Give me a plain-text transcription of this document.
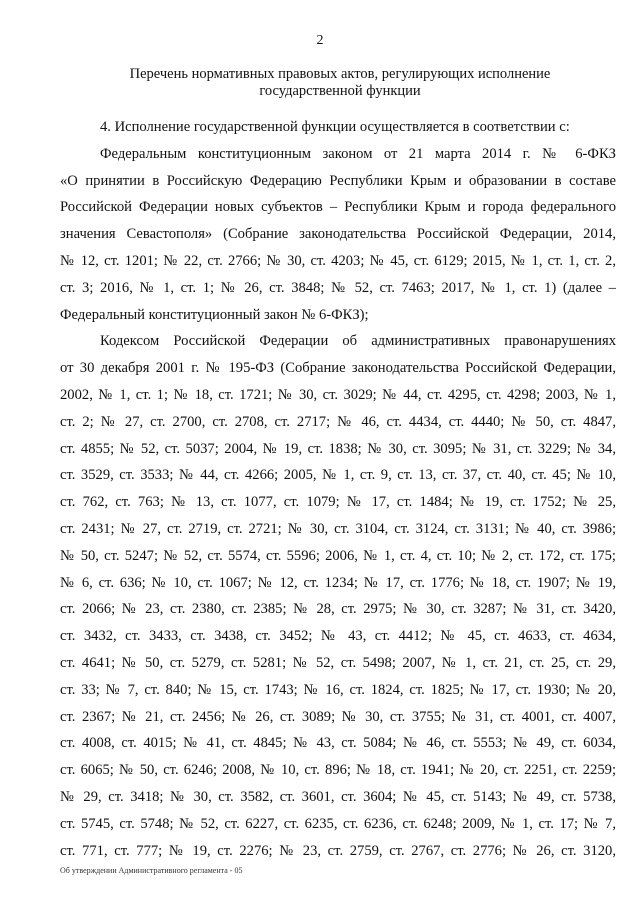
2
Перечень нормативных правовых актов, регулирующих исполнение
государственной функции
4. Исполнение государственной функции осуществляется в соответствии с:
Федеральным конституционным законом от 21 марта 2014 г. № 6-ФКЗ
«О принятии в Российскую Федерацию Республики Крым и образовании в составе
Российской Федерации новых субъектов – Республики Крым и города федерального
значения Севастополя» (Собрание законодательства Российской Федерации, 2014,
№ 12, ст. 1201; № 22, ст. 2766; № 30, ст. 4203; № 45, ст. 6129; 2015, № 1, ст. 1, ст. 2,
ст. 3; 2016, № 1, ст. 1; № 26, ст. 3848; № 52, ст. 7463; 2017, № 1, ст. 1) (далее –
Федеральный конституционный закон № 6-ФКЗ);
Кодексом Российской Федерации об административных правонарушениях
от 30 декабря 2001 г. № 195-ФЗ (Собрание законодательства Российской Федерации,
2002, № 1, ст. 1; № 18, ст. 1721; № 30, ст. 3029; № 44, ст. 4295, ст. 4298; 2003, № 1,
ст. 2; № 27, ст. 2700, ст. 2708, ст. 2717; № 46, ст. 4434, ст. 4440; № 50, ст. 4847,
ст. 4855; № 52, ст. 5037; 2004, № 19, ст. 1838; № 30, ст. 3095; № 31, ст. 3229; № 34,
ст. 3529, ст. 3533; № 44, ст. 4266; 2005, № 1, ст. 9, ст. 13, ст. 37, ст. 40, ст. 45; № 10,
ст. 762, ст. 763; № 13, ст. 1077, ст. 1079; № 17, ст. 1484; № 19, ст. 1752; № 25,
ст. 2431; № 27, ст. 2719, ст. 2721; № 30, ст. 3104, ст. 3124, ст. 3131; № 40, ст. 3986;
№ 50, ст. 5247; № 52, ст. 5574, ст. 5596; 2006, № 1, ст. 4, ст. 10; № 2, ст. 172, ст. 175;
№ 6, ст. 636; № 10, ст. 1067; № 12, ст. 1234; № 17, ст. 1776; № 18, ст. 1907; № 19,
ст. 2066; № 23, ст. 2380, ст. 2385; № 28, ст. 2975; № 30, ст. 3287; № 31, ст. 3420,
ст. 3432, ст. 3433, ст. 3438, ст. 3452; № 43, ст. 4412; № 45, ст. 4633, ст. 4634,
ст. 4641; № 50, ст. 5279, ст. 5281; № 52, ст. 5498; 2007, № 1, ст. 21, ст. 25, ст. 29,
ст. 33; № 7, ст. 840; № 15, ст. 1743; № 16, ст. 1824, ст. 1825; № 17, ст. 1930; № 20,
ст. 2367; № 21, ст. 2456; № 26, ст. 3089; № 30, ст. 3755; № 31, ст. 4001, ст. 4007,
ст. 4008, ст. 4015; № 41, ст. 4845; № 43, ст. 5084; № 46, ст. 5553; № 49, ст. 6034,
ст. 6065; № 50, ст. 6246; 2008, № 10, ст. 896; № 18, ст. 1941; № 20, ст. 2251, ст. 2259;
№ 29, ст. 3418; № 30, ст. 3582, ст. 3601, ст. 3604; № 45, ст. 5143; № 49, ст. 5738,
ст. 5745, ст. 5748; № 52, ст. 6227, ст. 6235, ст. 6236, ст. 6248; 2009, № 1, ст. 17; № 7,
ст. 771, ст. 777; № 19, ст. 2276; № 23, ст. 2759, ст. 2767, ст. 2776; № 26, ст. 3120,
Об утверждении Административного регламента - 05
